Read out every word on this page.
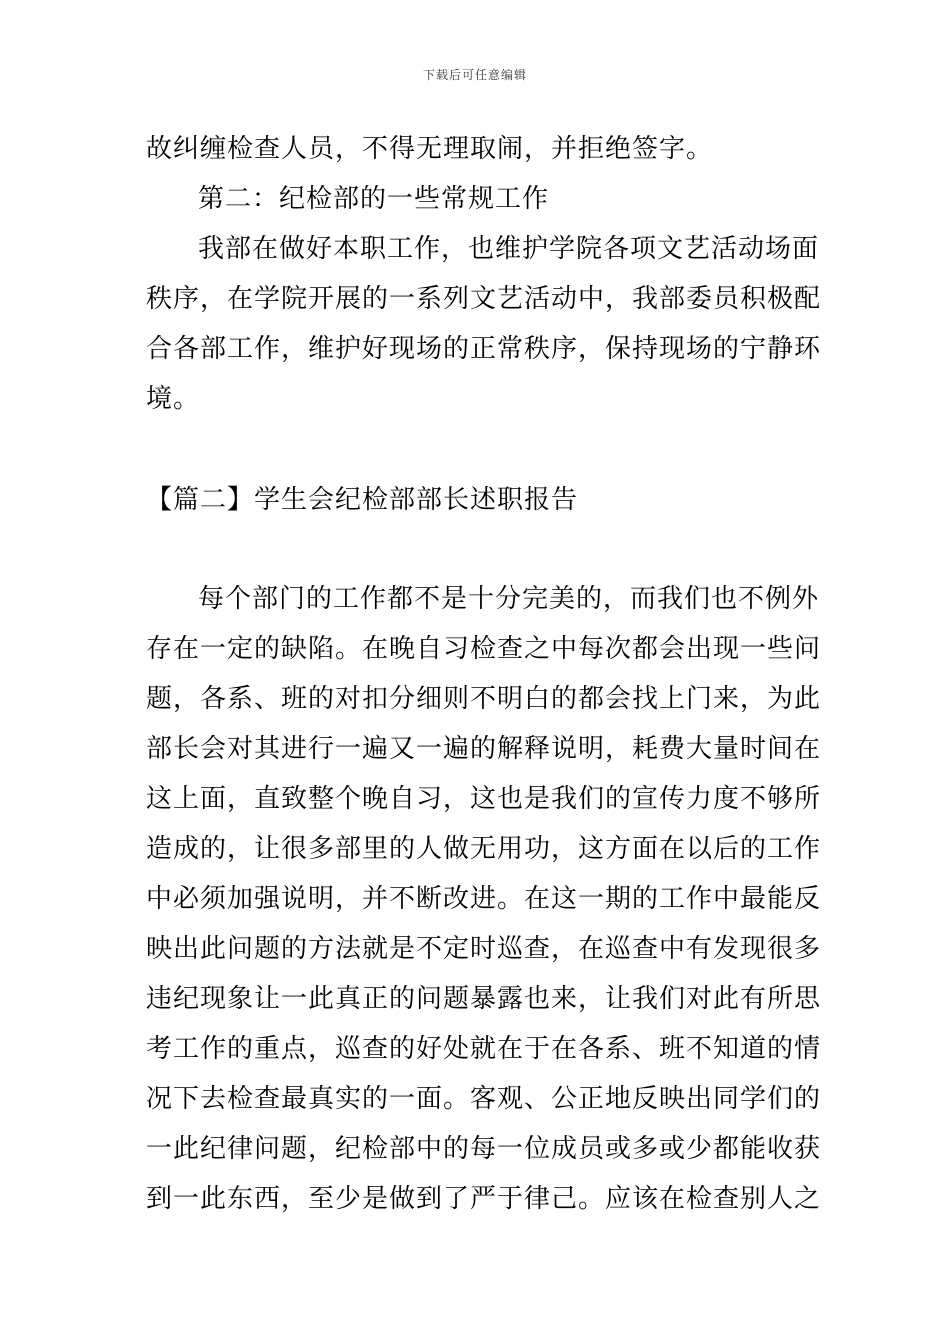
下载后可任意编辑
故纠缠检查人员，不得无理取闹，并拒绝签字。
第二：纪检部的一些常规工作
我部在做好本职工作，也维护学院各项文艺活动场面
秩序，在学院开展的一系列文艺活动中，我部委员积极配
合各部工作，维护好现场的正常秩序，保持现场的宁静环
境。
【篇二】学生会纪检部部长述职报告
每个部门的工作都不是十分完美的，而我们也不例外
存在一定的缺陷。在晚自习检查之中每次都会出现一些问
题，各系、班的对扣分细则不明白的都会找上门来，为此
部长会对其进行一遍又一遍的解释说明，耗费大量时间在
这上面，直致整个晚自习，这也是我们的宣传力度不够所
造成的，让很多部里的人做无用功，这方面在以后的工作
中必须加强说明，并不断改进。在这一期的工作中最能反
映出此问题的方法就是不定时巡查，在巡查中有发现很多
违纪现象让一此真正的问题暴露也来，让我们对此有所思
考工作的重点，巡查的好处就在于在各系、班不知道的情
况下去检查最真实的一面。客观、公正地反映出同学们的
一此纪律问题，纪检部中的每一位成员或多或少都能收获
到一此东西，至少是做到了严于律己。应该在检查别人之
